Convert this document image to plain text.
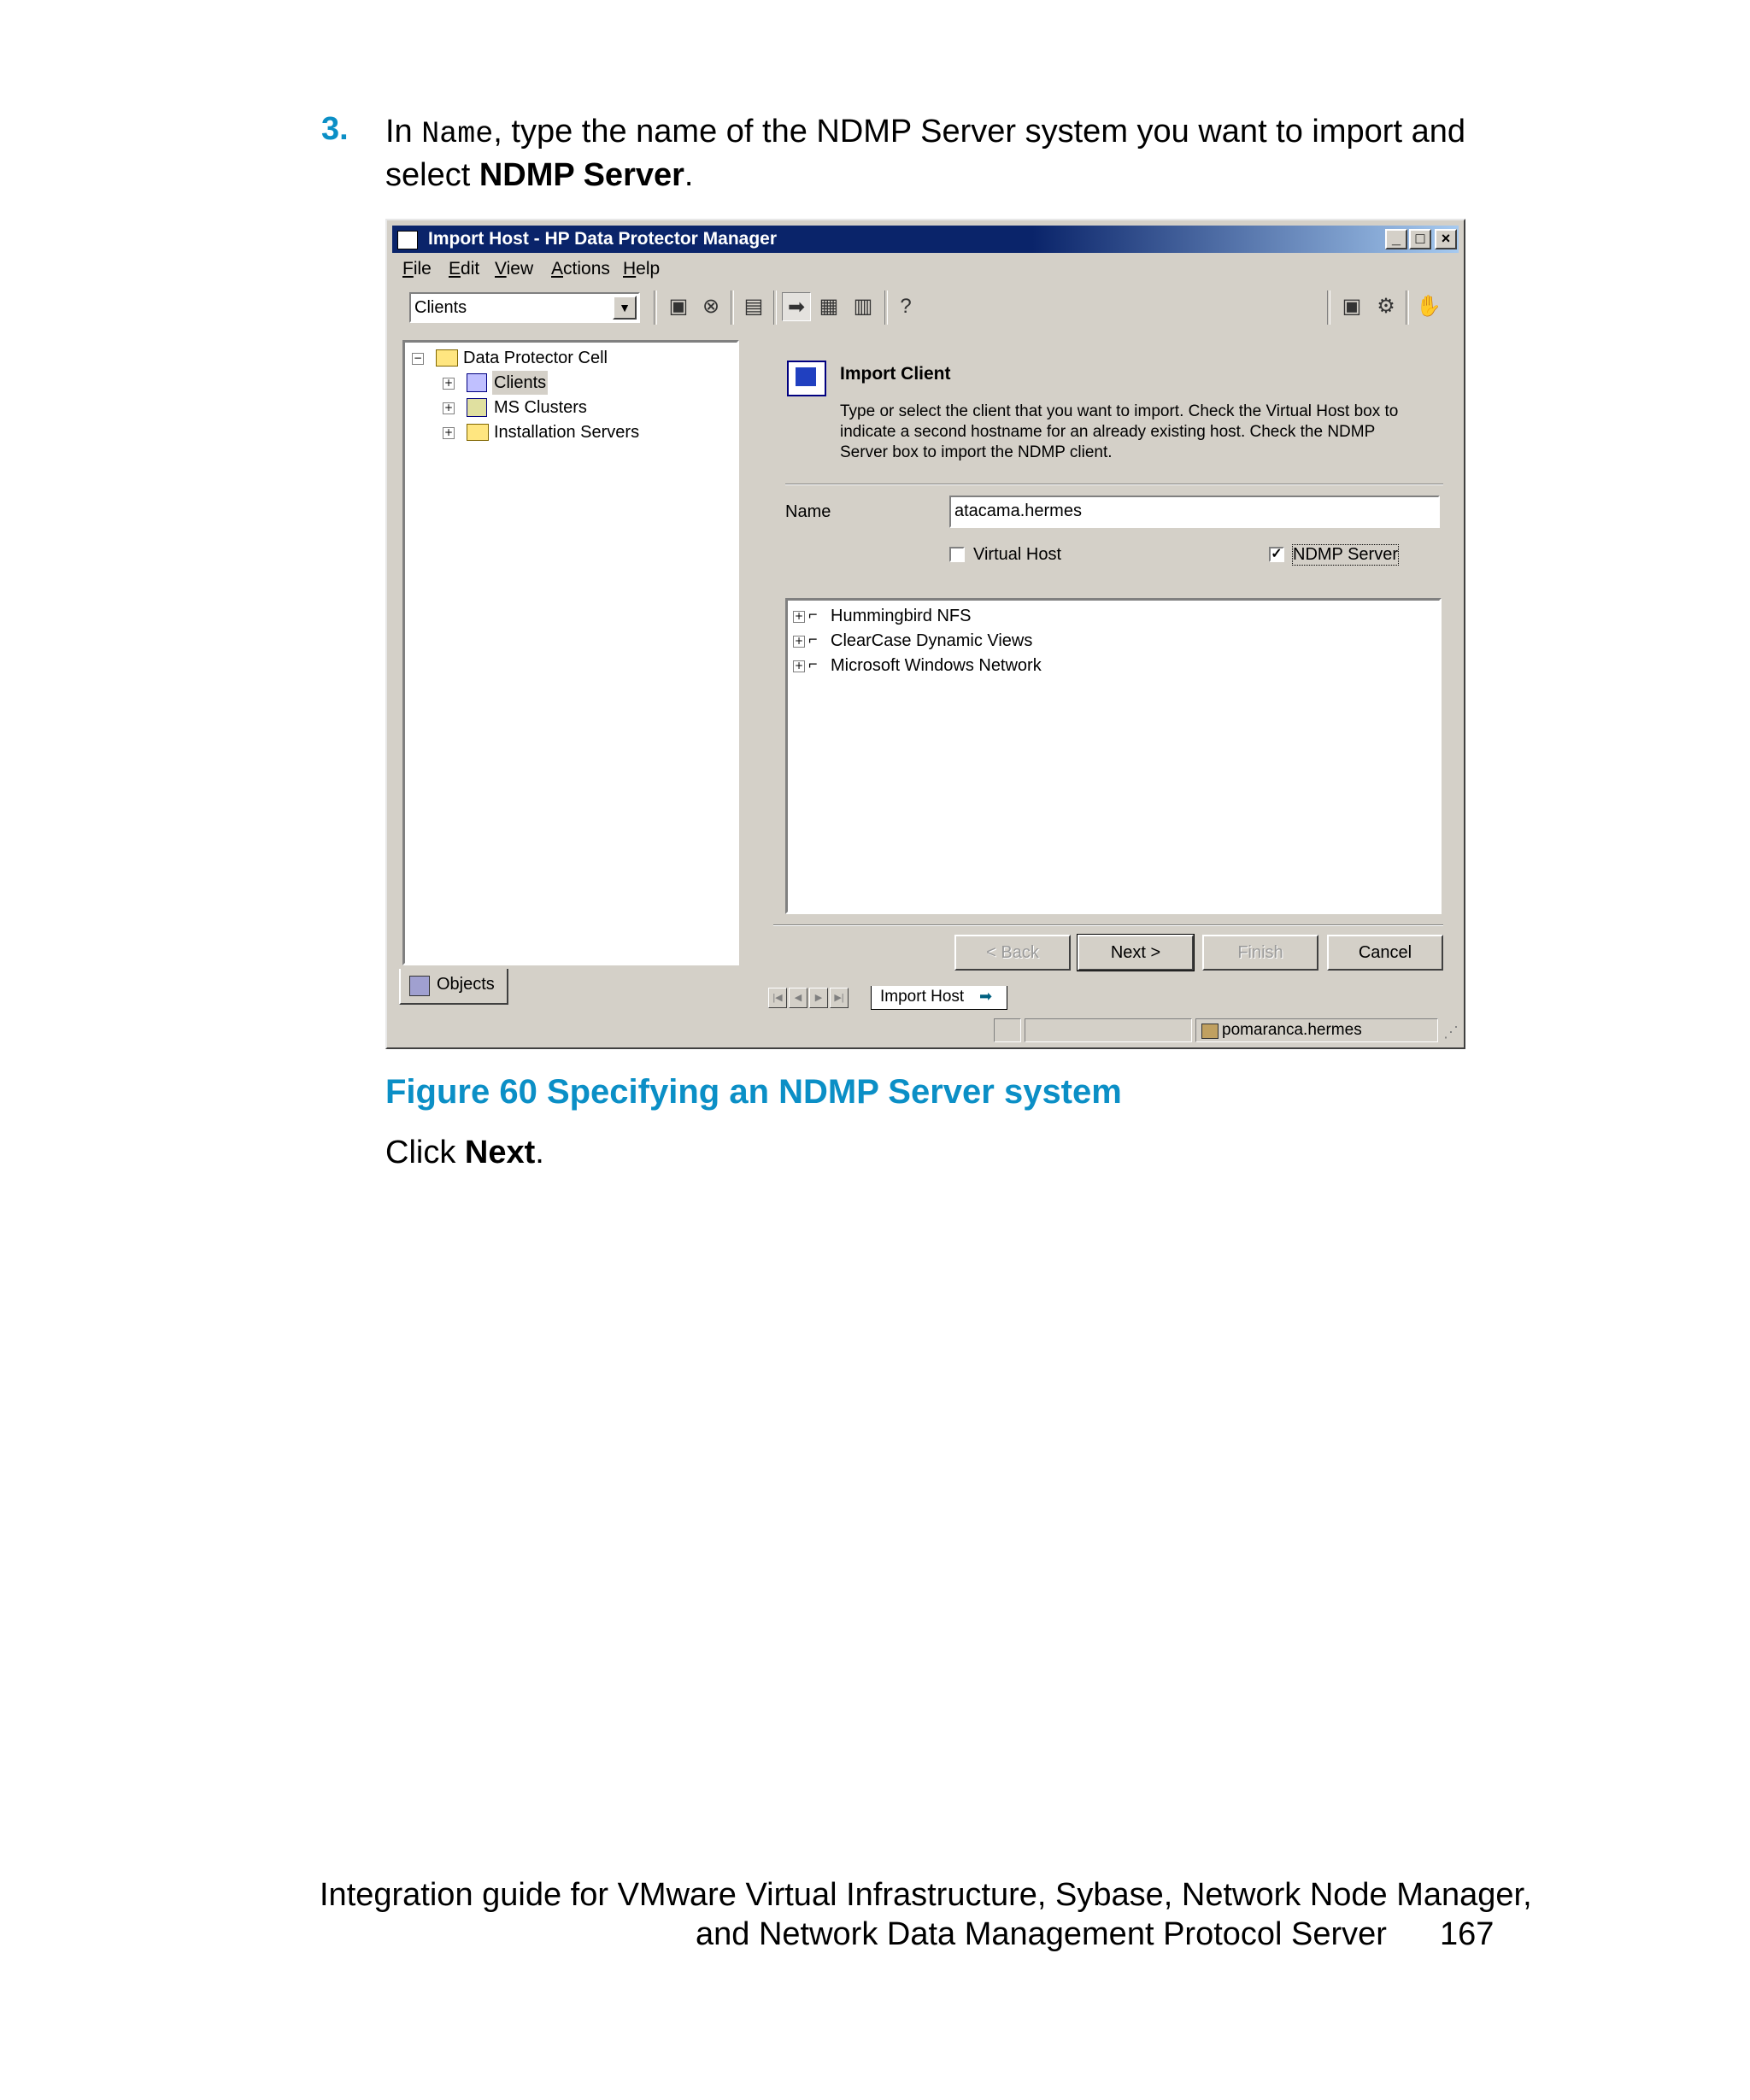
3. In Name, type the name of the NDMP Server system you want to import and select NDMP Server.
Import Host - HP Data Protector Manager	_ □	×
File Edit View Actions Help
Clients	▼ ▣ ⊗ ▤ ➡ ▦ ▥	?	▣ ⚙ ✋
− Data Protector Cell
+ Clients
+ MS Clusters
+ Installation Servers
Objects
Import Client
Type or select the client that you want to import. Check the Virtual Host box to indicate a second hostname for an already existing host. Check the NDMP Server box to import the NDMP client.
Name	atacama.hermes
Virtual Host	✓ NDMP Server
+ ⌐ Hummingbird NFS
+ ⌐ ClearCase Dynamic Views
+ ⌐ Microsoft Windows Network
< Back	Next >	Finish	Cancel
|◀	◀	▶	▶| Import Host ➡
pomaranca.hermes	⋰
Figure 60 Specifying an NDMP Server system
Click Next.
Integration guide for VMware Virtual Infrastructure, Sybase, Network Node Manager,
and Network Data Management Protocol Server 167
